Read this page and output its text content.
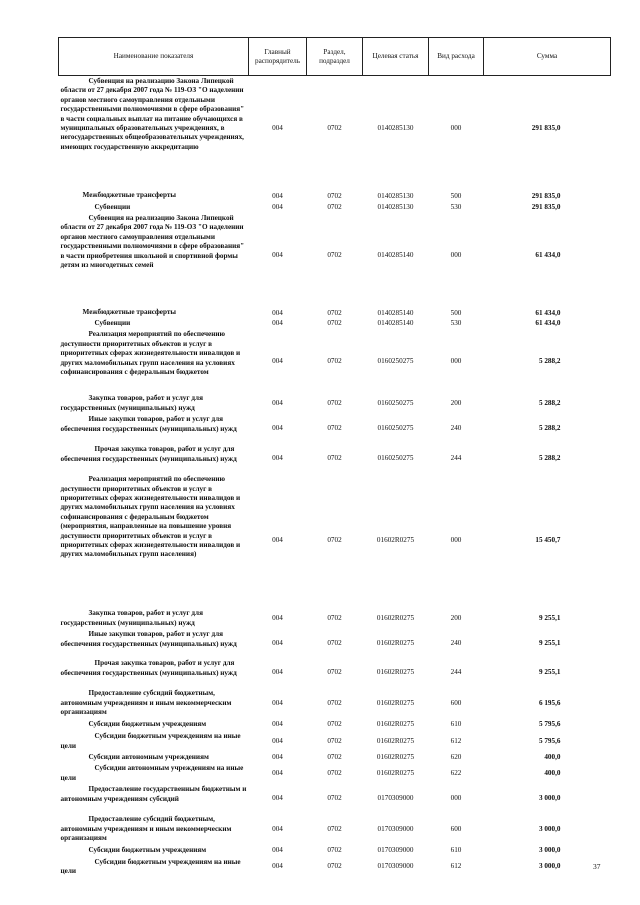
Наименование показателя	Главный распорядитель	Раздел, подраздел	Целевая статья	Вид расхода	Сумма

Субвенция на реализацию Закона Липецкой области от 27 декабря 2007 года № 119-ОЗ "О наделении органов местного самоуправления отдельными государственными полномочиями в сфере образования" в части социальных выплат на питание обучающихся в муниципальных образовательных учреждениях, в негосударственных общеобразовательных учреждениях, имеющих государственную аккредитацию	004	0702	0140285130	000	291 835,0

Межбюджетные трансферты	004	0702	0140285130	500	291 835,0

Субвенции	004	0702	0140285130	530	291 835,0

Субвенция на реализацию Закона Липецкой области от 27 декабря 2007 года № 119-ОЗ "О наделении органов местного самоуправления отдельными государственными полномочиями в сфере образования" в части приобретения школьной и спортивной формы детям из многодетных семей	004	0702	0140285140	000	61 434,0

Межбюджетные трансферты	004	0702	0140285140	500	61 434,0

Субвенции	004	0702	0140285140	530	61 434,0

Реализация мероприятий по обеспечению доступности приоритетных объектов и услуг в приоритетных сферах жизнедеятельности инвалидов и других маломобильных групп населения на условиях софинансирования с федеральным бюджетом	004	0702	0160250275	000	5 288,2

Закупка товаров, работ и услуг для государственных (муниципальных) нужд	004	0702	0160250275	200	5 288,2

Иные закупки товаров, работ и услуг для обеспечения государственных (муниципальных) нужд	004	0702	0160250275	240	5 288,2

Прочая закупка товаров, работ и услуг для обеспечения государственных (муниципальных) нужд	004	0702	0160250275	244	5 288,2

Реализация мероприятий по обеспечению доступности приоритетных объектов и услуг в приоритетных сферах жизнедеятельности инвалидов и других маломобильных групп населения на условиях софинансирования с федеральным бюджетом (мероприятия, направленные на повышение уровня доступности приоритетных объектов и услуг в приоритетных сферах жизнедеятельности инвалидов и других маломобильных групп населения)	004	0702	01602R0275	000	15 450,7

Закупка товаров, работ и услуг для государственных (муниципальных) нужд	004	0702	01602R0275	200	9 255,1

Иные закупки товаров, работ и услуг для обеспечения государственных (муниципальных) нужд	004	0702	01602R0275	240	9 255,1

Прочая закупка товаров, работ и услуг для обеспечения государственных (муниципальных) нужд	004	0702	01602R0275	244	9 255,1

Предоставление субсидий бюджетным, автономным учреждениям и иным некоммерческим организациям	004	0702	01602R0275	600	6 195,6

Субсидии бюджетным учреждениям	004	0702	01602R0275	610	5 795,6

Субсидии бюджетным учреждениям на иные цели	004	0702	01602R0275	612	5 795,6

Субсидии автономным учреждениям	004	0702	01602R0275	620	400,0

Субсидии автономным учреждениям на иные цели	004	0702	01602R0275	622	400,0

Предоставление государственным бюджетным и автономным учреждениям субсидий	004	0702	0170309000	000	3 000,0

Предоставление субсидий бюджетным, автономным учреждениям и иным некоммерческим организациям	004	0702	0170309000	600	3 000,0

Субсидии бюджетным учреждениям	004	0702	0170309000	610	3 000,0

Субсидии бюджетным учреждениям на иные цели	004	0702	0170309000	612	3 000,0	37
